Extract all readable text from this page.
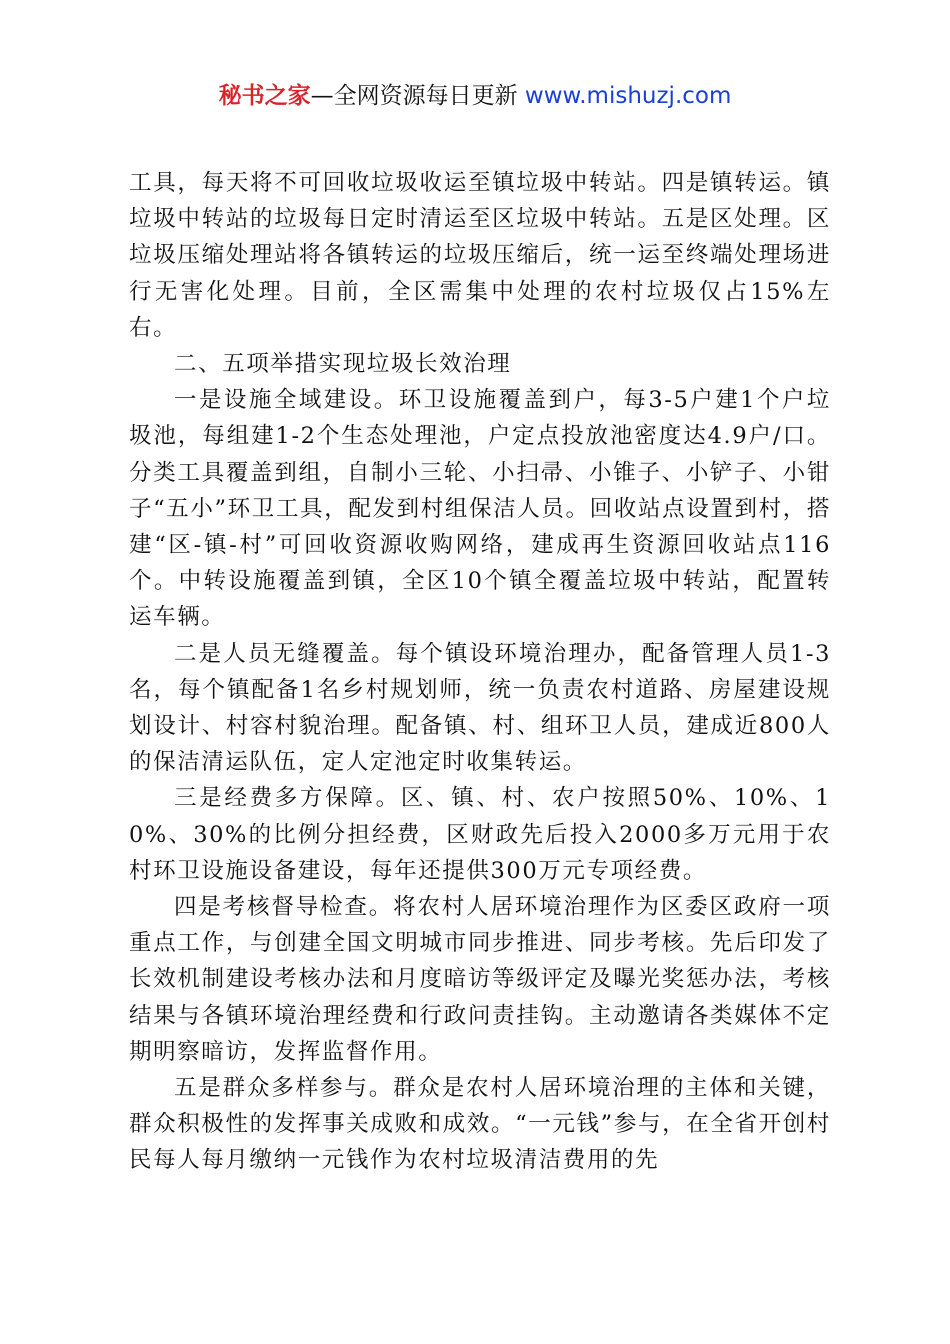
秘书之家—全网资源每日更新 www.mishuzj.com

工具，每天将不可回收垃圾收运至镇垃圾中转站。四是镇转运。镇垃圾中转站的垃圾每日定时清运至区垃圾中转站。五是区处理。区垃圾压缩处理站将各镇转运的垃圾压缩后，统一运至终端处理场进行无害化处理。目前，全区需集中处理的农村垃圾仅占15%左右。

二、五项举措实现垃圾长效治理

一是设施全域建设。环卫设施覆盖到户，每3-5户建1个户垃圾池，每组建1-2个生态处理池，户定点投放池密度达4.9户/口。分类工具覆盖到组，自制小三轮、小扫帚、小锥子、小铲子、小钳子“五小”环卫工具，配发到村组保洁人员。回收站点设置到村，搭建“区-镇-村”可回收资源收购网络，建成再生资源回收站点116个。中转设施覆盖到镇，全区10个镇全覆盖垃圾中转站，配置转运车辆。

二是人员无缝覆盖。每个镇设环境治理办，配备管理人员1-3名，每个镇配备1名乡村规划师，统一负责农村道路、房屋建设规划设计、村容村貌治理。配备镇、村、组环卫人员，建成近800人的保洁清运队伍，定人定池定时收集转运。

三是经费多方保障。区、镇、村、农户按照50%、10%、10%、30%的比例分担经费，区财政先后投入2000多万元用于农村环卫设施设备建设，每年还提供300万元专项经费。

四是考核督导检查。将农村人居环境治理作为区委区政府一项重点工作，与创建全国文明城市同步推进、同步考核。先后印发了长效机制建设考核办法和月度暗访等级评定及曝光奖惩办法，考核结果与各镇环境治理经费和行政问责挂钩。主动邀请各类媒体不定期明察暗访，发挥监督作用。

五是群众多样参与。群众是农村人居环境治理的主体和关键，群众积极性的发挥事关成败和成效。“一元钱”参与，在全省开创村民每人每月缴纳一元钱作为农村垃圾清洁费用的先
